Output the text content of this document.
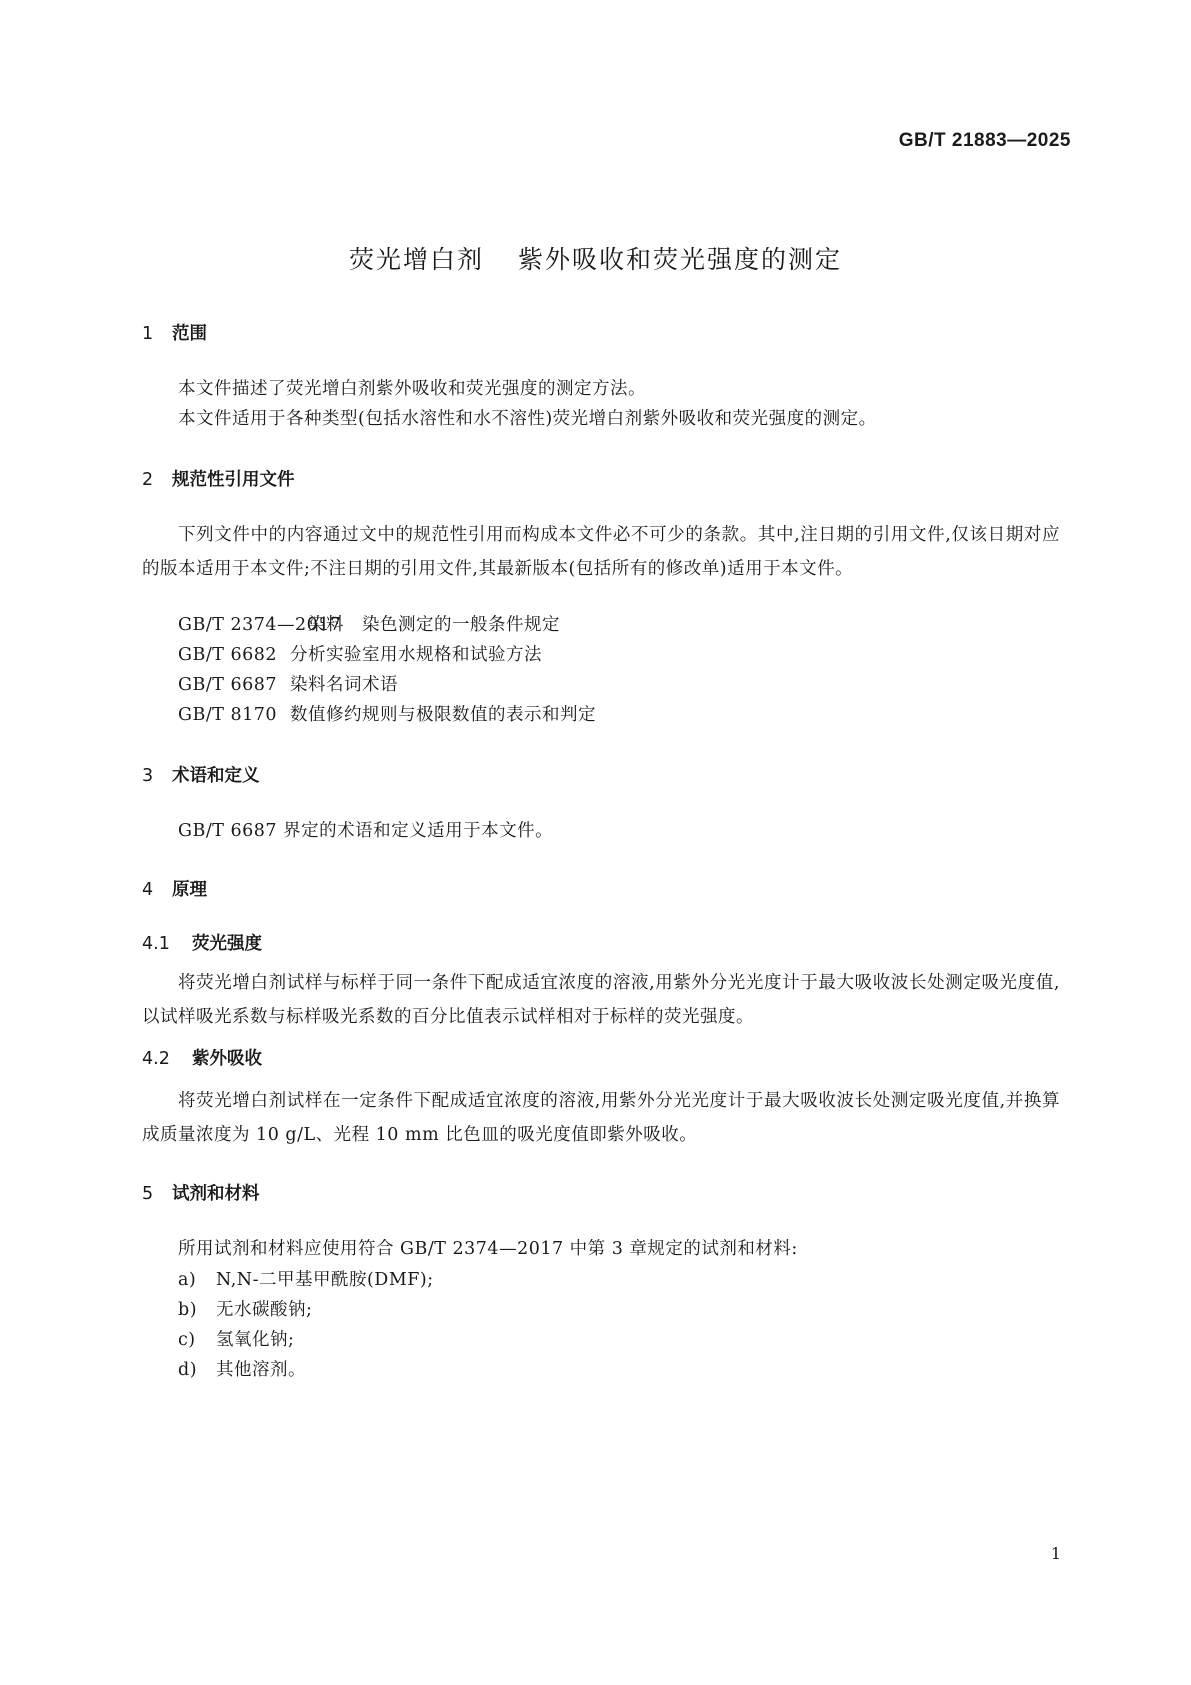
GB/T 21883—2025
荧光增白剂 紫外吸收和荧光强度的测定
1 范围
本文件描述了荧光增白剂紫外吸收和荧光强度的测定方法。
本文件适用于各种类型(包括水溶性和水不溶性)荧光增白剂紫外吸收和荧光强度的测定。
2 规范性引用文件
下列文件中的内容通过文中的规范性引用而构成本文件必不可少的条款。其中,注日期的引用文件,仅该日期对应的版本适用于本文件;不注日期的引用文件,其最新版本(包括所有的修改单)适用于本文件。
GB/T 2374—2017　染料　染色测定的一般条件规定
GB/T 6682 分析实验室用水规格和试验方法
GB/T 6687 染料名词术语
GB/T 8170 数值修约规则与极限数值的表示和判定
3 术语和定义
GB/T 6687 界定的术语和定义适用于本文件。
4 原理
4.1 荧光强度
将荧光增白剂试样与标样于同一条件下配成适宜浓度的溶液,用紫外分光光度计于最大吸收波长处测定吸光度值,以试样吸光系数与标样吸光系数的百分比值表示试样相对于标样的荧光强度。
4.2 紫外吸收
将荧光增白剂试样在一定条件下配成适宜浓度的溶液,用紫外分光光度计于最大吸收波长处测定吸光度值,并换算成质量浓度为 10 g/L、光程 10 mm 比色皿的吸光度值即紫外吸收。
5 试剂和材料
所用试剂和材料应使用符合 GB/T 2374—2017 中第 3 章规定的试剂和材料:
a) N,N-二甲基甲酰胺(DMF);
b) 无水碳酸钠;
c) 氢氧化钠;
d) 其他溶剂。
1
